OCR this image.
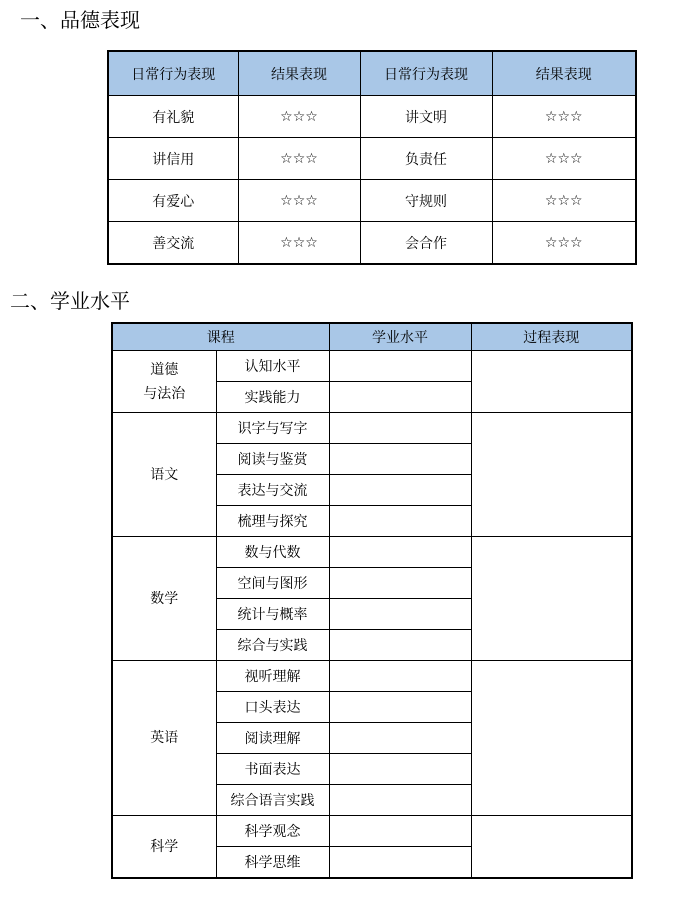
一、品德表现
日常行为表现	结果表现	日常行为表现	结果表现
有礼貌	☆☆☆	讲文明	☆☆☆
讲信用	☆☆☆	负责任	☆☆☆
有爱心	☆☆☆	守规则	☆☆☆
善交流	☆☆☆	会合作	☆☆☆
二、学业水平
课程		学业水平	过程表现
道德
与法治	认知水平		
	实践能力		
语文	识字与写字		
	阅读与鉴赏		
	表达与交流		
	梳理与探究		
数学	数与代数		
	空间与图形		
	统计与概率		
	综合与实践		
英语	视听理解		
	口头表达		
	阅读理解		
	书面表达		
	综合语言实践		
科学	科学观念		
	科学思维		
